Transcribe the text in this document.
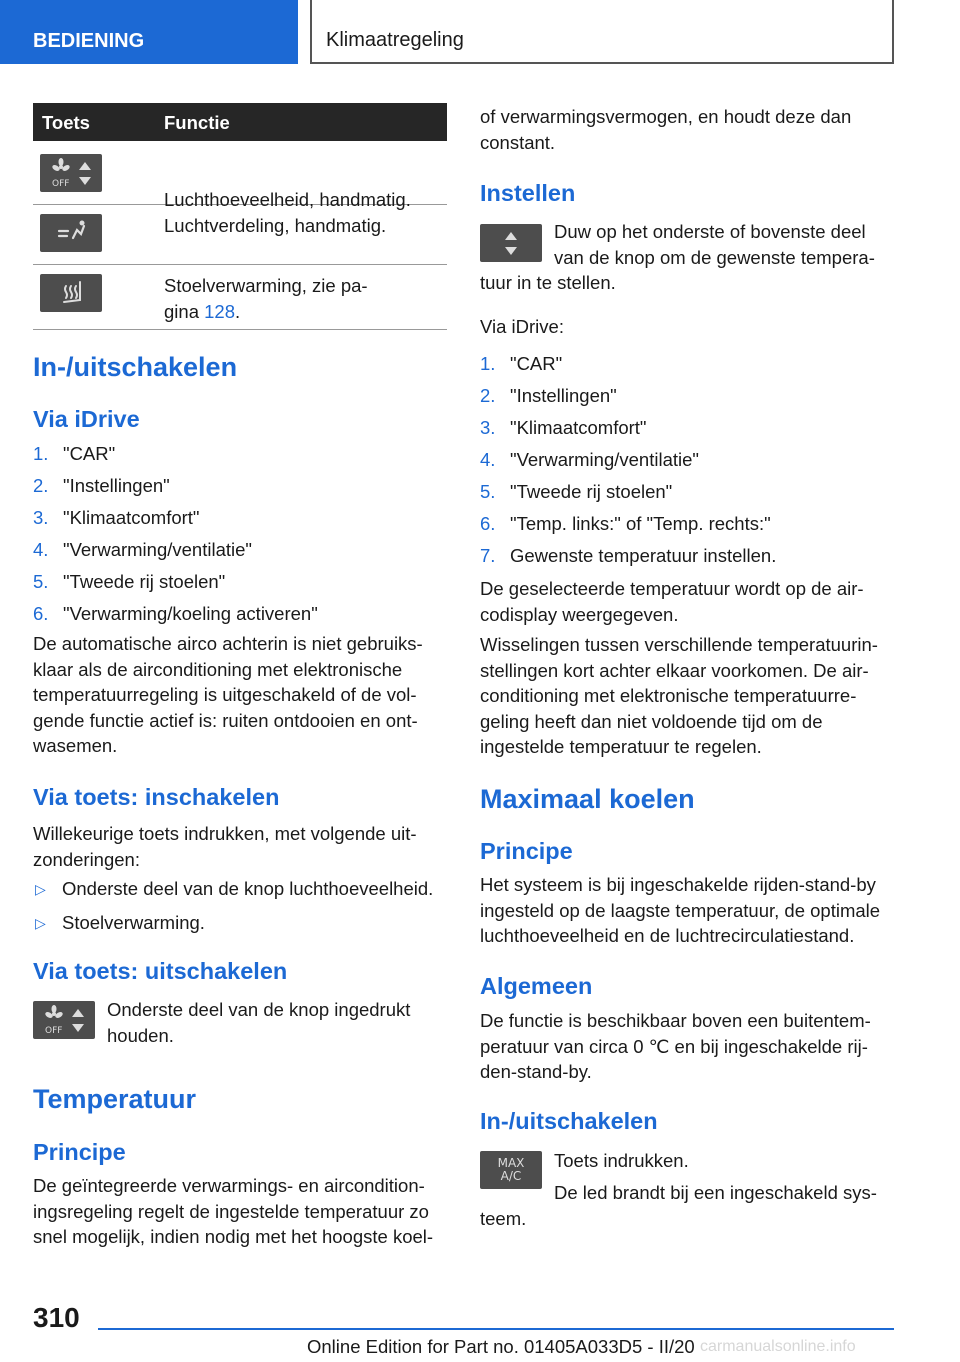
BEDIENING	Klimaatregeling
Toets	Functie
OFF
Luchthoeveelheid, handmatig.
Luchtverdeling, handmatig.
Stoelverwarming, zie pa-
gina 128.
In-/uitschakelen
Via iDrive
1. "CAR"
2. "Instellingen"
3. "Klimaatcomfort"
4. "Verwarming/ventilatie"
5. "Tweede rij stoelen"
6. "Verwarming/koeling activeren"

De automatische airco achterin is niet gebruiks-

klaar als de airconditioning met elektronische

temperatuurregeling is uitgeschakeld of de vol-

gende functie actief is: ruiten ontdooien en ont-

wasemen.

Via toets: inschakelen

Willekeurige toets indrukken, met volgende uit-

zonderingen:

▷ Onderste deel van de knop luchthoeveelheid.
▷ Stoelverwarming.
Via toets: uitschakelen
OFF

Onderste deel van de knop ingedrukt

houden.

Temperatuur
Principe

De geïntegreerde verwarmings- en aircondition-

ingsregeling regelt de ingestelde temperatuur zo

snel mogelijk, indien nodig met het hoogste koel-

of verwarmingsvermogen, en houdt deze dan

constant.

Instellen

Duw op het onderste of bovenste deel

van de knop om de gewenste tempera-

tuur in te stellen.

Via iDrive:

1. "CAR"
2. "Instellingen"
3. "Klimaatcomfort"
4. "Verwarming/ventilatie"
5. "Tweede rij stoelen"
6. "Temp. links:" of "Temp. rechts:"
7. Gewenste temperatuur instellen.

De geselecteerde temperatuur wordt op de air-

codisplay weergegeven.

Wisselingen tussen verschillende temperatuurin-

stellingen kort achter elkaar voorkomen. De air-

conditioning met elektronische temperatuurre-

geling heeft dan niet voldoende tijd om de

ingestelde temperatuur te regelen.

Maximaal koelen
Principe

Het systeem is bij ingeschakelde rijden-stand-by

ingesteld op de laagste temperatuur, de optimale

luchthoeveelheid en de luchtrecirculatiestand.

Algemeen

De functie is beschikbaar boven een buitentem-

peratuur van circa 0 ℃ en bij ingeschakelde rij-

den-stand-by.

In-/uitschakelen
MAX
A/C

Toets indrukken.

De led brandt bij een ingeschakeld sys-

teem.

310
Online Edition for Part no. 01405A033D5 - II/20 carmanualsonline.info
